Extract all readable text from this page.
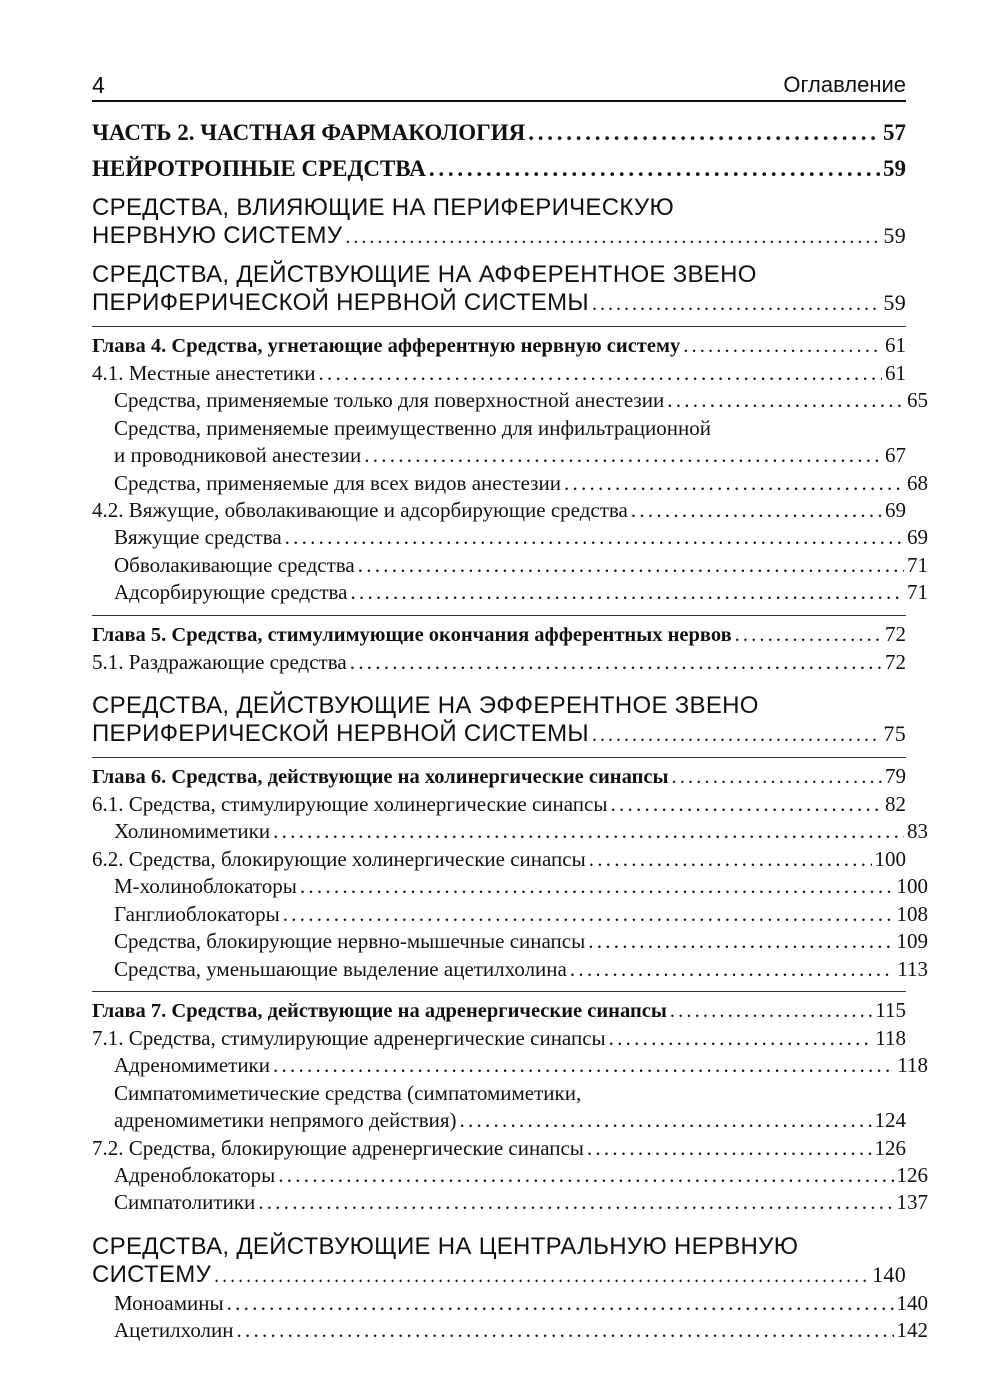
4	Оглавление
ЧАСТЬ 2. ЧАСТНАЯ ФАРМАКОЛОГИЯ . . .	57
НЕЙРОТРОПНЫЕ СРЕДСТВА . . .	59
СРЕДСТВА, ВЛИЯЮЩИЕ НА ПЕРИФЕРИЧЕСКУЮ
НЕРВНУЮ СИСТЕМУ . . .	59
СРЕДСТВА, ДЕЙСТВУЮЩИЕ НА АФФЕРЕНТНОЕ ЗВЕНО
ПЕРИФЕРИЧЕСКОЙ НЕРВНОЙ СИСТЕМЫ . . .	59
Глава 4. Средства, угнетающие афферентную нервную систему . . .	61
4.1. Местные анестетики . . .	61
Средства, применяемые только для поверхностной анестезии . . .	65
Средства, применяемые преимущественно для инфильтрационной
и проводниковой анестезии . . .	67
Средства, применяемые для всех видов анестезии . . .	68
4.2. Вяжущие, обволакивающие и адсорбирующие средства . . .	69
Вяжущие средства . . .	69
Обволакивающие средства . . .	71
Адсорбирующие средства . . .	71
Глава 5. Средства, стимулимующие окончания афферентных нервов . . .	72
5.1. Раздражающие средства . . .	72
СРЕДСТВА, ДЕЙСТВУЮЩИЕ НА ЭФФЕРЕНТНОЕ ЗВЕНО
ПЕРИФЕРИЧЕСКОЙ НЕРВНОЙ СИСТЕМЫ . . .	75
Глава 6. Средства, действующие на холинергические синапсы . . .	79
6.1. Средства, стимулирующие холинергические синапсы . . .	82
Холиномиметики . . .	83
6.2. Средства, блокирующие холинергические синапсы . . .	100
М-холиноблокаторы . . .	100
Ганглиоблокаторы . . .	108
Средства, блокирующие нервно-мышечные синапсы . . .	109
Средства, уменьшающие выделение ацетилхолина . . .	113
Глава 7. Средства, действующие на адренергические синапсы . . .	115
7.1. Средства, стимулирующие адренергические синапсы . . .	118
Адреномиметики . . .	118
Симпатомиметические средства (симпатомиметики,
адреномиметики непрямого действия) . . .	124
7.2. Средства, блокирующие адренергические синапсы . . .	126
Адреноблокаторы . . .	126
Симпатолитики . . .	137
СРЕДСТВА, ДЕЙСТВУЮЩИЕ НА ЦЕНТРАЛЬНУЮ НЕРВНУЮ
СИСТЕМУ . . .	140
Моноамины . . .	140
Ацетилхолин . . .	142
